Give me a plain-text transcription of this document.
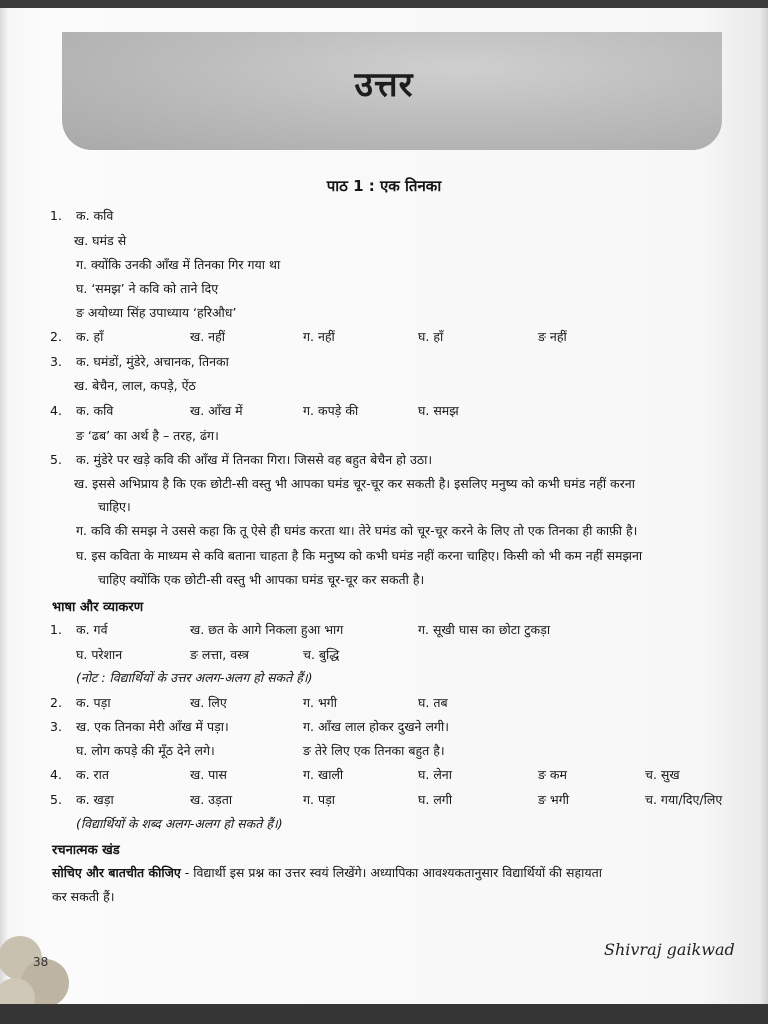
उत्तर
पाठ 1 : एक तिनका
1. क. कवि
ख. घमंड से
ग. क्योंकि उनकी आँख में तिनका गिर गया था
घ. ‘समझ’ ने कवि को ताने दिए
ङ अयोध्या सिंह उपाध्याय ‘हरिऔध’
2. क. हाँ	ख. नहीं	ग. नहीं	घ. हाँ	ङ नहीं
3. क. घमंडों, मुंडेरे, अचानक, तिनका
ख. बेचैन, लाल, कपड़े, ऐंठ
4. क. कवि	ख. आँख में	ग. कपड़े की	घ. समझ
ङ ‘ढब’ का अर्थ है – तरह, ढंग।
5. क. मुंडेरे पर खड़े कवि की आँख में तिनका गिरा। जिससे वह बहुत बेचैन हो उठा।
ख. इससे अभिप्राय है कि एक छोटी-सी वस्तु भी आपका घमंड चूर-चूर कर सकती है। इसलिए मनुष्य को कभी घमंड नहीं करना
चाहिए।
ग. कवि की समझ ने उससे कहा कि तू ऐसे ही घमंड करता था। तेरे घमंड को चूर-चूर करने के लिए तो एक तिनका ही काफ़ी है।
घ. इस कविता के माध्यम से कवि बताना चाहता है कि मनुष्य को कभी घमंड नहीं करना चाहिए। किसी को भी कम नहीं समझना
चाहिए क्योंकि एक छोटी-सी वस्तु भी आपका घमंड चूर-चूर कर सकती है।
भाषा और व्याकरण
1. क. गर्व	ख. छत के आगे निकला हुआ भाग	ग. सूखी घास का छोटा टुकड़ा
घ. परेशान	ङ लत्ता, वस्त्र	च. बुद्धि
(नोट : विद्यार्थियों के उत्तर अलग-अलग हो सकते हैं।)
2. क. पड़ा	ख. लिए	ग. भगी	घ. तब
3. ख. एक तिनका मेरी आँख में पड़ा।	ग. आँख लाल होकर दुखने लगी।
घ. लोग कपड़े की मूँठ देने लगे।	ङ तेरे लिए एक तिनका बहुत है।
4. क. रात	ख. पास	ग. खाली	घ. लेना	ङ कम	च. सुख
5. क. खड़ा	ख. उड़ता	ग. पड़ा	घ. लगी	ङ भगी	च. गया/दिए/लिए
(विद्यार्थियों के शब्द अलग-अलग हो सकते हैं।)
रचनात्मक खंड
सोचिए और बातचीत कीजिए - विद्यार्थी इस प्रश्न का उत्तर स्वयं लिखेंगे। अध्यापिका आवश्यकतानुसार विद्यार्थियों की सहायता
कर सकती हैं।
38
Shivraj gaikwad
